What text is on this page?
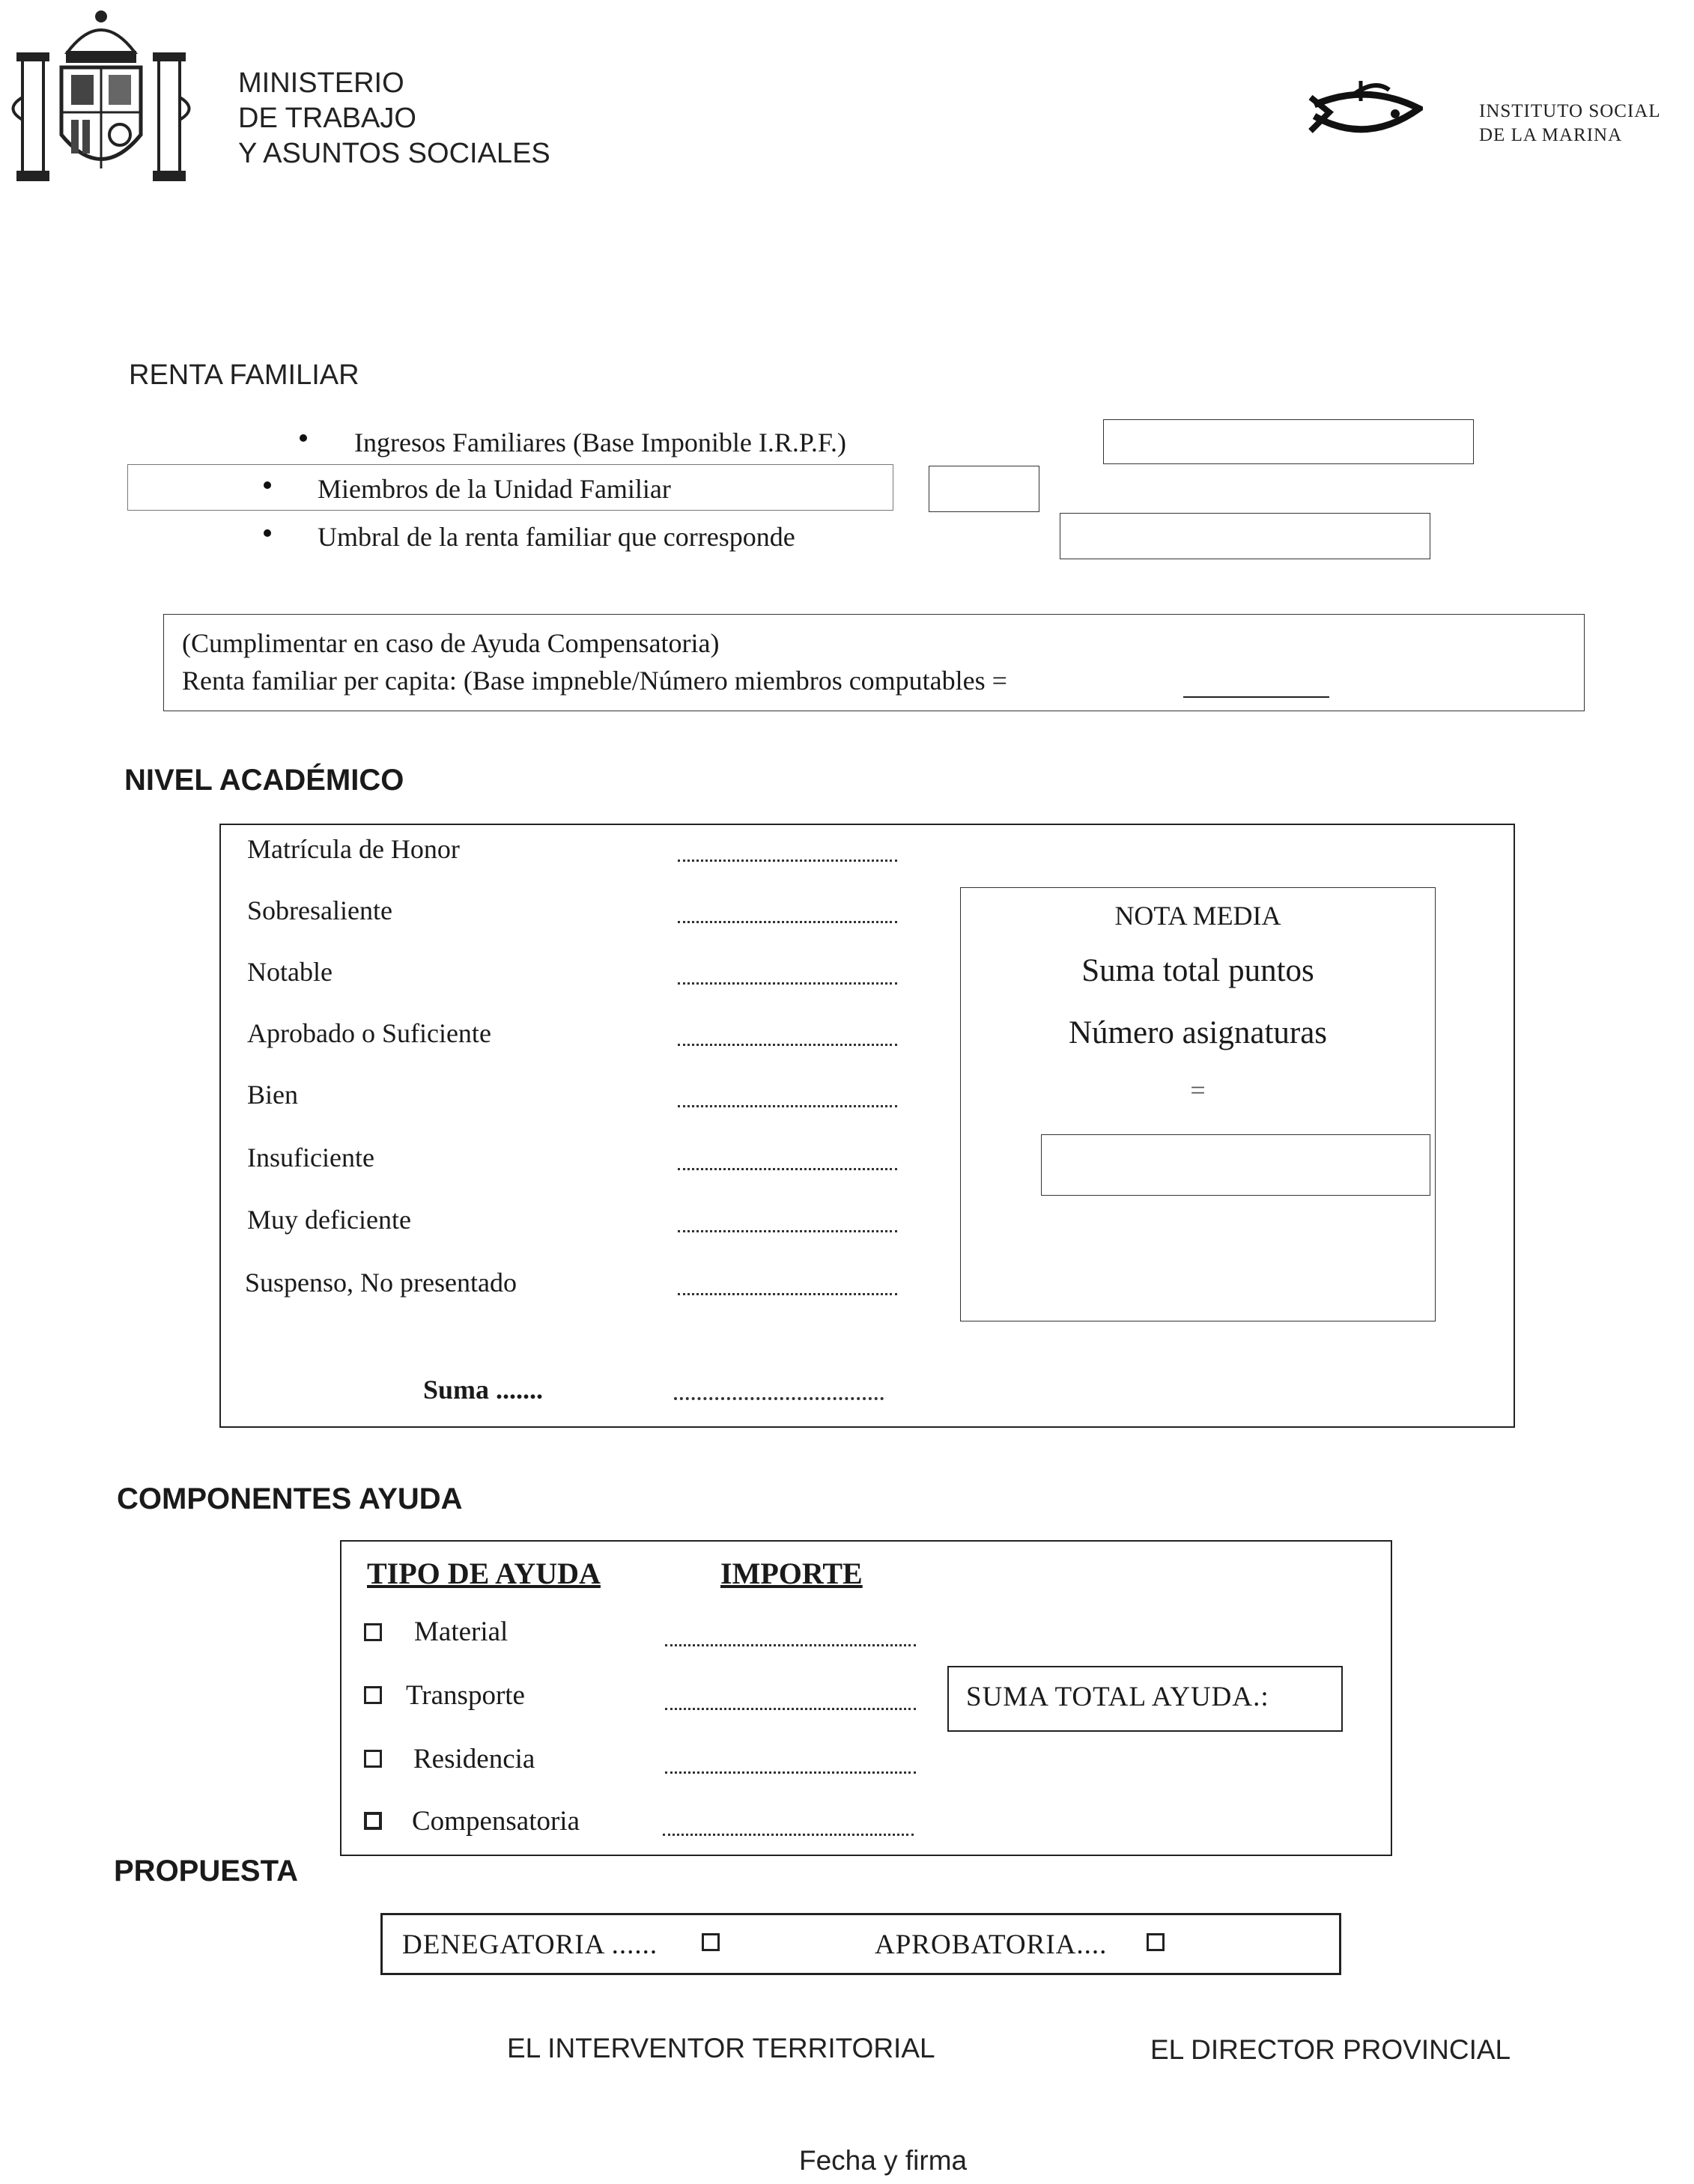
MINISTERIO
DE TRABAJO
Y ASUNTOS SOCIALES
INSTITUTO SOCIAL
DE LA MARINA
RENTA FAMILIAR
Ingresos Familiares (Base Imponible I.R.P.F.)
Miembros de la Unidad Familiar
Umbral de la renta familiar que corresponde
(Cumplimentar en caso de Ayuda Compensatoria)
Renta familiar per capita: (Base impneble/Número miembros computables =
NIVEL ACADÉMICO
Matrícula de Honor
Sobresaliente
Notable
Aprobado o Suficiente
Bien
Insuficiente
Muy deficiente
Suspenso, No presentado
Suma .......
NOTA MEDIA
Suma total puntos
Número asignaturas
=
COMPONENTES AYUDA
TIPO DE AYUDA	IMPORTE
Material
Transporte
Residencia
Compensatoria
SUMA TOTAL AYUDA.:
PROPUESTA
DENEGATORIA ......	APROBATORIA....
EL INTERVENTOR TERRITORIAL	EL DIRECTOR PROVINCIAL
Fecha y firma
